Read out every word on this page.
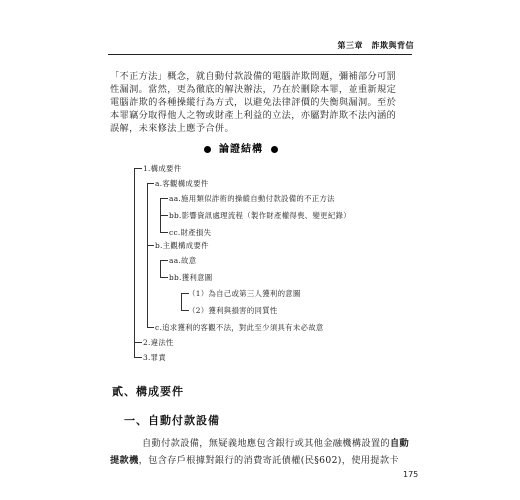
第三章　詐欺與背信
「不正方法」概念，就自動付款設備的電腦詐欺問題，彌補部分可罰
性漏洞。當然，更為徹底的解決辦法，乃在於刪除本罪，並重新規定
電腦詐欺的各種操縱行為方式，以避免法律評價的失衡與漏洞。至於
本罪竊分取得他人之物或財產上利益的立法，亦屬對詐欺不法內涵的
論證結構
1.構成要件
a.客觀構成要件
aa.施用類似詐術的操縱自動付款設備的不正方法
bb.影響資訊處理流程（製作財產權得喪、變更紀錄）
cc.財產損失
b.主觀構成要件
aa.故意
bb.獲利意圖
（1）為自己或第三人獲利的意圖
（2）獲利與損害的同質性
c.追求獲利的客觀不法，對此至少須具有未必故意
2.違法性
3.罪責
貳、構成要件
一、自動付款設備
自動付款設備，無疑義地應包含銀行或其他金融機構設置的自動
提款機，包含存戶根據對銀行的消費寄託債權(民§602)，使用提款卡
175
誤解，未來修法上應予合併。
